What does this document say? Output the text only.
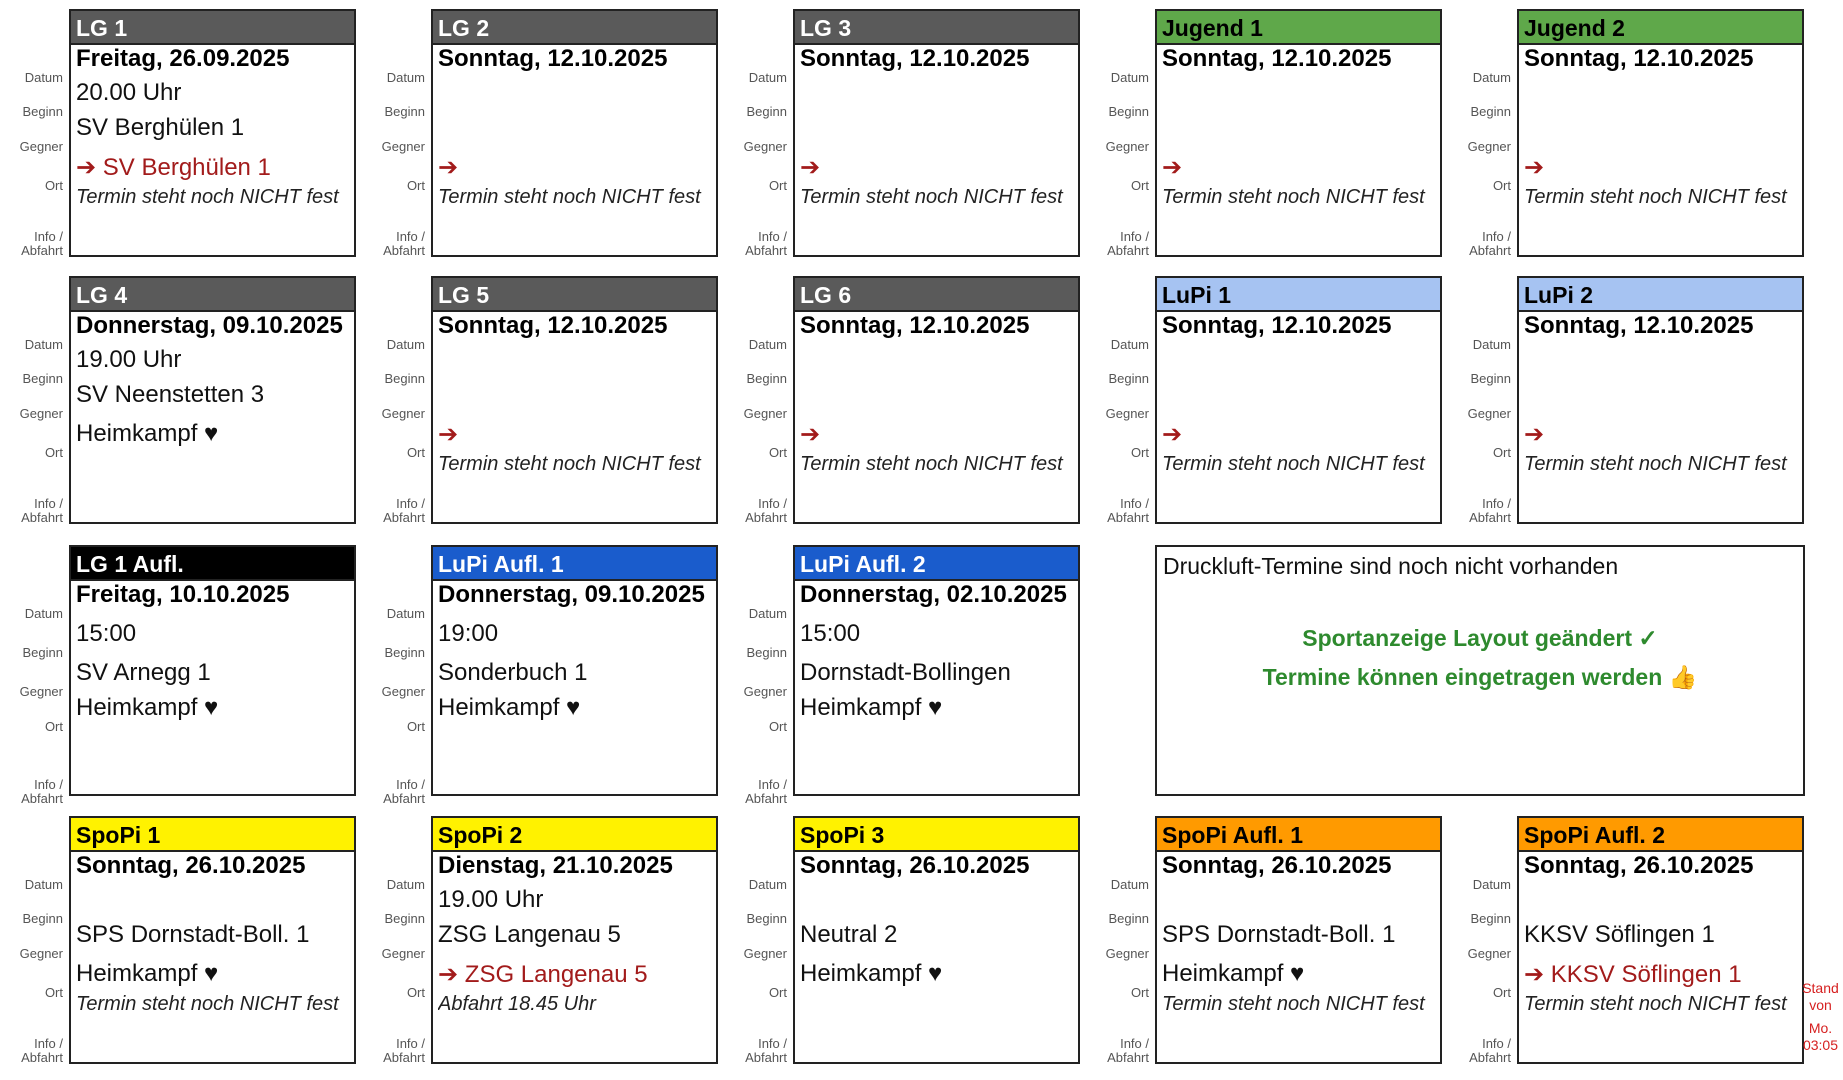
Datum
Beginn
Gegner
Ort
Info /
Abfahrt
LG 1
Freitag, 26.09.2025
20.00 Uhr
SV Berghülen 1
➔ SV Berghülen 1
Termin steht noch NICHT fest
Datum
Beginn
Gegner
Ort
Info /
Abfahrt
LG 2
Sonntag, 12.10.2025
➔
Termin steht noch NICHT fest
Datum
Beginn
Gegner
Ort
Info /
Abfahrt
LG 3
Sonntag, 12.10.2025
➔
Termin steht noch NICHT fest
Datum
Beginn
Gegner
Ort
Info /
Abfahrt
Jugend 1
Sonntag, 12.10.2025
➔
Termin steht noch NICHT fest
Datum
Beginn
Gegner
Ort
Info /
Abfahrt
Jugend 2
Sonntag, 12.10.2025
➔
Termin steht noch NICHT fest
Datum
Beginn
Gegner
Ort
Info /
Abfahrt
LG 4
Donnerstag, 09.10.2025
19.00 Uhr
SV Neenstetten 3
Heimkampf ♥
Datum
Beginn
Gegner
Ort
Info /
Abfahrt
LG 5
Sonntag, 12.10.2025
➔
Termin steht noch NICHT fest
Datum
Beginn
Gegner
Ort
Info /
Abfahrt
LG 6
Sonntag, 12.10.2025
➔
Termin steht noch NICHT fest
Datum
Beginn
Gegner
Ort
Info /
Abfahrt
LuPi 1
Sonntag, 12.10.2025
➔
Termin steht noch NICHT fest
Datum
Beginn
Gegner
Ort
Info /
Abfahrt
LuPi 2
Sonntag, 12.10.2025
➔
Termin steht noch NICHT fest
Datum
Beginn
Gegner
Ort
Info /
Abfahrt
LG 1 Aufl.
Freitag, 10.10.2025
15:00
SV Arnegg 1
Heimkampf ♥
Datum
Beginn
Gegner
Ort
Info /
Abfahrt
LuPi Aufl. 1
Donnerstag, 09.10.2025
19:00
Sonderbuch 1
Heimkampf ♥
Datum
Beginn
Gegner
Ort
Info /
Abfahrt
LuPi Aufl. 2
Donnerstag, 02.10.2025
15:00
Dornstadt-Bollingen
Heimkampf ♥
Datum
Beginn
Gegner
Ort
Info /
Abfahrt
SpoPi 1
Sonntag, 26.10.2025
SPS Dornstadt-Boll. 1
Heimkampf ♥
Termin steht noch NICHT fest
Datum
Beginn
Gegner
Ort
Info /
Abfahrt
SpoPi 2
Dienstag, 21.10.2025
19.00 Uhr
ZSG Langenau 5
➔ ZSG Langenau 5
Abfahrt 18.45 Uhr
Datum
Beginn
Gegner
Ort
Info /
Abfahrt
SpoPi 3
Sonntag, 26.10.2025
Neutral 2
Heimkampf ♥
Datum
Beginn
Gegner
Ort
Info /
Abfahrt
SpoPi Aufl. 1
Sonntag, 26.10.2025
SPS Dornstadt-Boll. 1
Heimkampf ♥
Termin steht noch NICHT fest
Datum
Beginn
Gegner
Ort
Info /
Abfahrt
SpoPi Aufl. 2
Sonntag, 26.10.2025
KKSV Söflingen 1
➔ KKSV Söflingen 1
Termin steht noch NICHT fest
Druckluft-Termine sind noch nicht vorhanden
Sportanzeige Layout geändert ✓
Termine können eingetragen werden 👍
Stand
von
Mo.
03:05
